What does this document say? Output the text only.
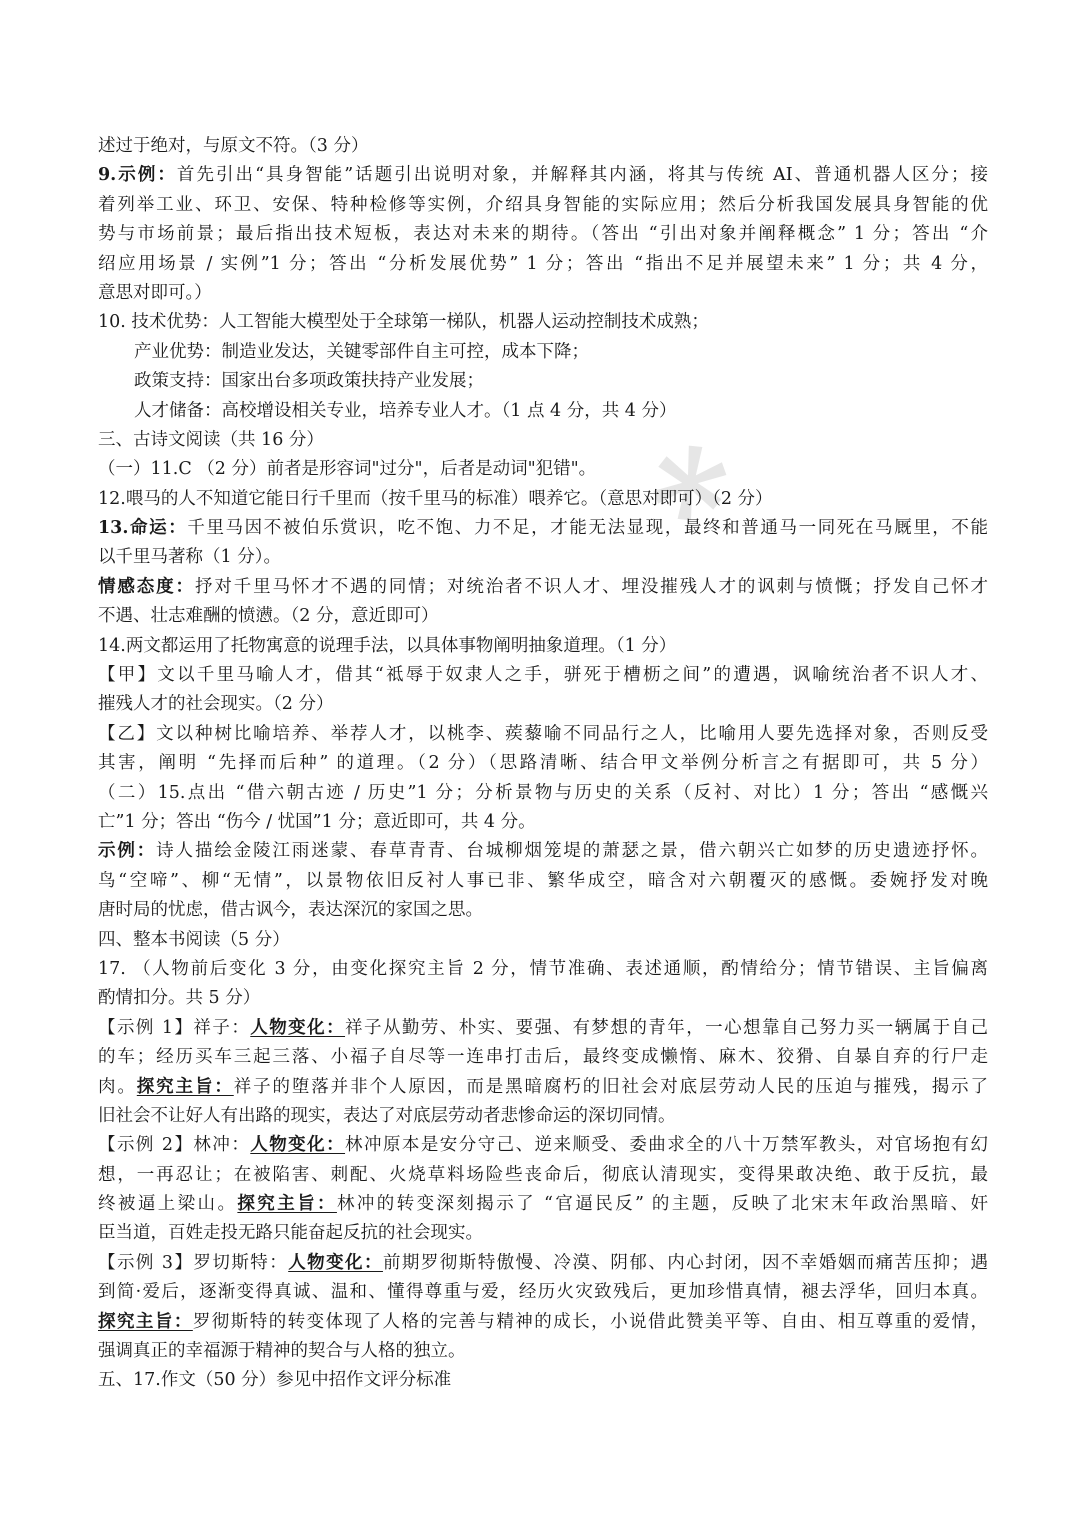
*
述过于绝对，与原文不符。（3 分）
9.示例：首先引出“具身智能”话题引出说明对象，并解释其内涵，将其与传统 AI、普通机器人区分；接
着列举工业、环卫、安保、特种检修等实例，介绍具身智能的实际应用；然后分析我国发展具身智能的优
势与市场前景；最后指出技术短板，表达对未来的期待。（答出 “引出对象并阐释概念” 1 分；答出 “介
绍应用场景 / 实例”1 分；答出 “分析发展优势” 1 分；答出 “指出不足并展望未来” 1 分；共 4 分，
意思对即可。）
10. 技术优势：人工智能大模型处于全球第一梯队，机器人运动控制技术成熟；
产业优势：制造业发达，关键零部件自主可控，成本下降；
政策支持：国家出台多项政策扶持产业发展；
人才储备：高校增设相关专业，培养专业人才。（1 点 4 分，共 4 分）
三、古诗文阅读（共 16 分）
（一）11.C （2 分）前者是形容词"过分"，后者是动词"犯错"。
12.喂马的人不知道它能日行千里而（按千里马的标准）喂养它。（意思对即可）（2 分）
13.命运：千里马因不被伯乐赏识，吃不饱、力不足，才能无法显现，最终和普通马一同死在马厩里，不能
以千里马著称（1 分）。
情感态度：抒对千里马怀才不遇的同情；对统治者不识人才、埋没摧残人才的讽刺与愤慨；抒发自己怀才
不遇、壮志难酬的愤懑。（2 分，意近即可）
14.两文都运用了托物寓意的说理手法，以具体事物阐明抽象道理。（1 分）
【甲】文以千里马喻人才，借其“祗辱于奴隶人之手，骈死于槽枥之间”的遭遇，讽喻统治者不识人才、
摧残人才的社会现实。（2 分）
【乙】文以种树比喻培养、举荐人才，以桃李、蒺藜喻不同品行之人，比喻用人要先选择对象，否则反受
其害，阐明 “先择而后种” 的道理。（2 分）（思路清晰、结合甲文举例分析言之有据即可，共 5 分）
（二）15.点出 “借六朝古迹 / 历史”1 分；分析景物与历史的关系（反衬、对比）1 分；答出 “感慨兴
亡”1 分；答出 “伤今 / 忧国”1 分；意近即可，共 4 分。
示例：诗人描绘金陵江雨迷蒙、春草青青、台城柳烟笼堤的萧瑟之景，借六朝兴亡如梦的历史遗迹抒怀。
鸟“空啼”、柳“无情”，以景物依旧反衬人事已非、繁华成空，暗含对六朝覆灭的感慨。委婉抒发对晚
唐时局的忧虑，借古讽今，表达深沉的家国之思。
四、整本书阅读（5 分）
17. （人物前后变化 3 分，由变化探究主旨 2 分，情节准确、表述通顺，酌情给分；情节错误、主旨偏离
酌情扣分。共 5 分）
【示例 1】祥子：人物变化：祥子从勤劳、朴实、要强、有梦想的青年，一心想靠自己努力买一辆属于自己
的车；经历买车三起三落、小福子自尽等一连串打击后，最终变成懒惰、麻木、狡猾、自暴自弃的行尸走
肉。探究主旨：祥子的堕落并非个人原因，而是黑暗腐朽的旧社会对底层劳动人民的压迫与摧残，揭示了
旧社会不让好人有出路的现实，表达了对底层劳动者悲惨命运的深切同情。
【示例 2】林冲：人物变化：林冲原本是安分守己、逆来顺受、委曲求全的八十万禁军教头，对官场抱有幻
想，一再忍让；在被陷害、刺配、火烧草料场险些丧命后，彻底认清现实，变得果敢决绝、敢于反抗，最
终被逼上梁山。探究主旨：林冲的转变深刻揭示了 “官逼民反” 的主题，反映了北宋末年政治黑暗、奸
臣当道，百姓走投无路只能奋起反抗的社会现实。
【示例 3】罗切斯特：人物变化：前期罗彻斯特傲慢、冷漠、阴郁、内心封闭，因不幸婚姻而痛苦压抑；遇
到简·爱后，逐渐变得真诚、温和、懂得尊重与爱，经历火灾致残后，更加珍惜真情，褪去浮华，回归本真。
探究主旨：罗彻斯特的转变体现了人格的完善与精神的成长，小说借此赞美平等、自由、相互尊重的爱情，
强调真正的幸福源于精神的契合与人格的独立。
五、17.作文（50 分）参见中招作文评分标准
